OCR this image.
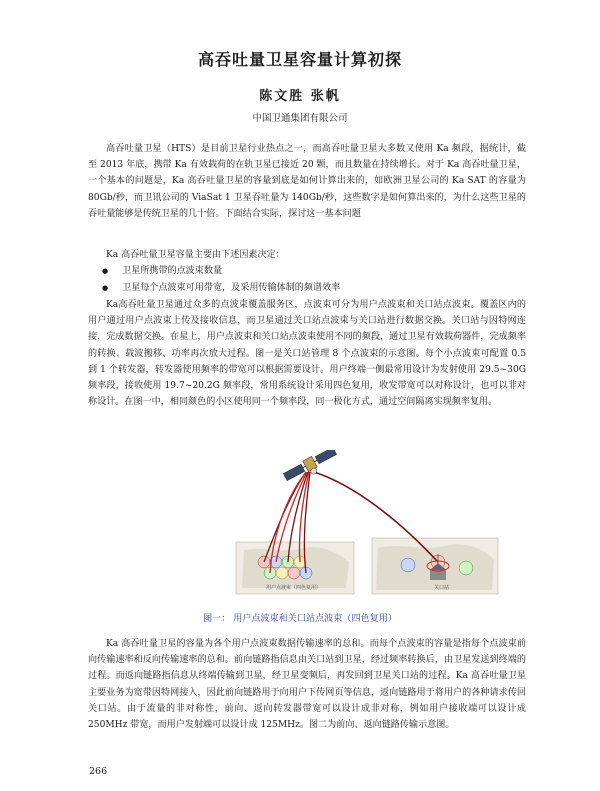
高吞吐量卫星容量计算初探
陈文胜 张帆
中国卫通集团有限公司

高吞吐量卫星（HTS）是目前卫星行业热点之一，而高吞吐量卫星大多数又使用 Ka 频段，据统计，截至 2013 年底，携带 Ka 有效载荷的在轨卫星已接近 20 颗，而且数量在持续增长。对于 Ka 高吞吐量卫星，一个基本的问题是，Ka 高吞吐量卫星的容量到底是如何计算出来的，如欧洲卫星公司的 Ka SAT 的容量为 80Gb/秒，而卫讯公司的 ViaSat 1 卫星吞吐量为 140Gb/秒，这些数字是如何算出来的，为什么这些卫星的吞吐量能够是传统卫星的几十倍。下面结合实际，探讨这一基本问题

Ka 高吞吐量卫星容量主要由下述因素决定：

● 卫星所携带的点波束数量
● 卫星每个点波束可用带宽，及采用传输体制的频谱效率

Ka高吞吐量卫星通过众多的点波束覆盖服务区，点波束可分为用户点波束和关口站点波束。覆盖区内的用户通过用户点波束上传及接收信息，而卫星通过关口站点波束与关口站进行数据交换。关口站与因特网连接，完成数据交换。在星上，用户点波束和关口站点波束使用不同的频段，通过卫星有效载荷器件，完成频率的转换、载波搬移、功率再次放大过程。图一是关口站管理 8 个点波束的示意图。每个小点波束可配置 0.5 到 1 个转发器，转发器使用频率的带宽可以根据需要设计。用户终端一侧最常用设计为发射使用 29.5~30G 频率段，接收使用 19.7~20.2G 频率段，常用系统设计采用四色复用，收发带宽可以对称设计，也可以非对称设计。在图一中，相同颜色的小区使用同一个频率段，同一极化方式，通过空间隔离实现频率复用。

用户点波束（四色复用）	关口站
图一： 用户点波束和关口站点波束（四色复用）

Ka 高吞吐量卫星的容量为各个用户点波束数据传输速率的总和。而每个点波束的容量是指每个点波束前向传输速率和反向传输速率的总和。前向链路指信息由关口站到卫星，经过频率转换后，由卫星发送到终端的过程。而返向链路指信息从终端传输到卫星，经卫星变频后，再发回到卫星关口站的过程。Ka 高吞吐量卫星主要业务为宽带因特网接入，因此前向链路用于向用户下传网页等信息，返向链路用于将用户的各种请求传回关口站。由于流量的非对称性，前向、返向转发器带宽可以设计成非对称，例如用户接收端可以设计成 250MHz 带宽，而用户发射端可以设计成 125MHz。图二为前向、返向链路传输示意图。

266
